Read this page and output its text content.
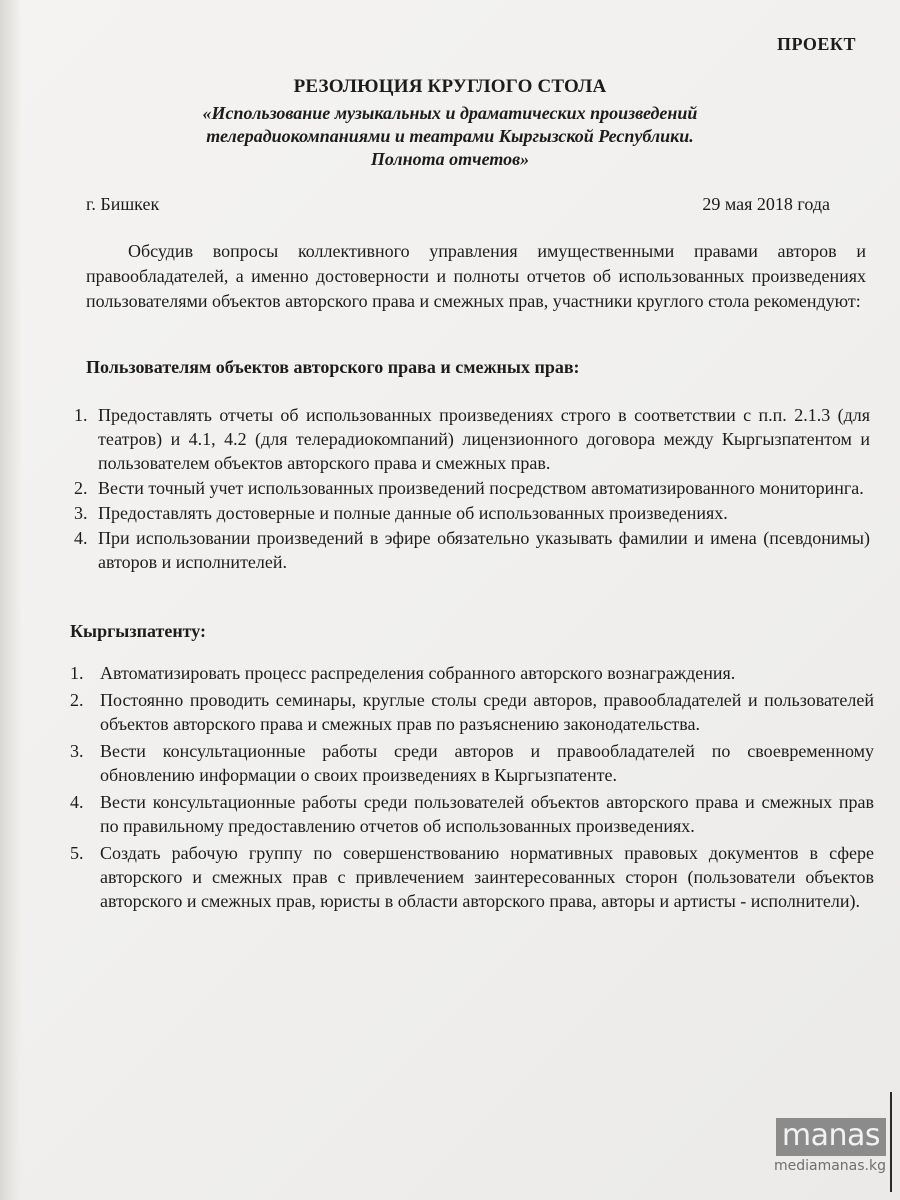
ПРОЕКТ

РЕЗОЛЮЦИЯ КРУГЛОГО СТОЛА

«Использование музыкальных и драматических произведений

телерадиокомпаниями и театрами Кыргызской Республики.

Полнота отчетов»

г. Бишкек	29 мая 2018 года

Обсудив вопросы коллективного управления имущественными правами авторов и правообладателей, а именно достоверности и полноты отчетов об использованных произведениях пользователями объектов авторского права и смежных прав, участники круглого стола рекомендуют:

Пользователям объектов авторского права и смежных прав:

1. Предоставлять отчеты об использованных произведениях строго в соответствии с п.п. 2.1.3 (для театров) и 4.1, 4.2 (для телерадиокомпаний) лицензионного договора между Кыргызпатентом и пользователем объектов авторского права и смежных прав.
2. Вести точный учет использованных произведений посредством автоматизированного мониторинга.
3. Предоставлять достоверные и полные данные об использованных произведениях.
4. При использовании произведений в эфире обязательно указывать фамилии и имена (псевдонимы) авторов и исполнителей.

Кыргызпатенту:

1. Автоматизировать процесс распределения собранного авторского вознаграждения.
2. Постоянно проводить семинары, круглые столы среди авторов, правообладателей и пользователей объектов авторского права и смежных прав по разъяснению законодательства.
3. Вести консультационные работы среди авторов и правообладателей по своевременному обновлению информации о своих произведениях в Кыргызпатенте.
4. Вести консультационные работы среди пользователей объектов авторского права и смежных прав по правильному предоставлению отчетов об использованных произведениях.
5. Создать рабочую группу по совершенствованию нормативных правовых документов в сфере авторского и смежных прав с привлечением заинтересованных сторон (пользователи объектов авторского и смежных прав, юристы в области авторского права, авторы и артисты - исполнители).
manas
mediamanas.kg
